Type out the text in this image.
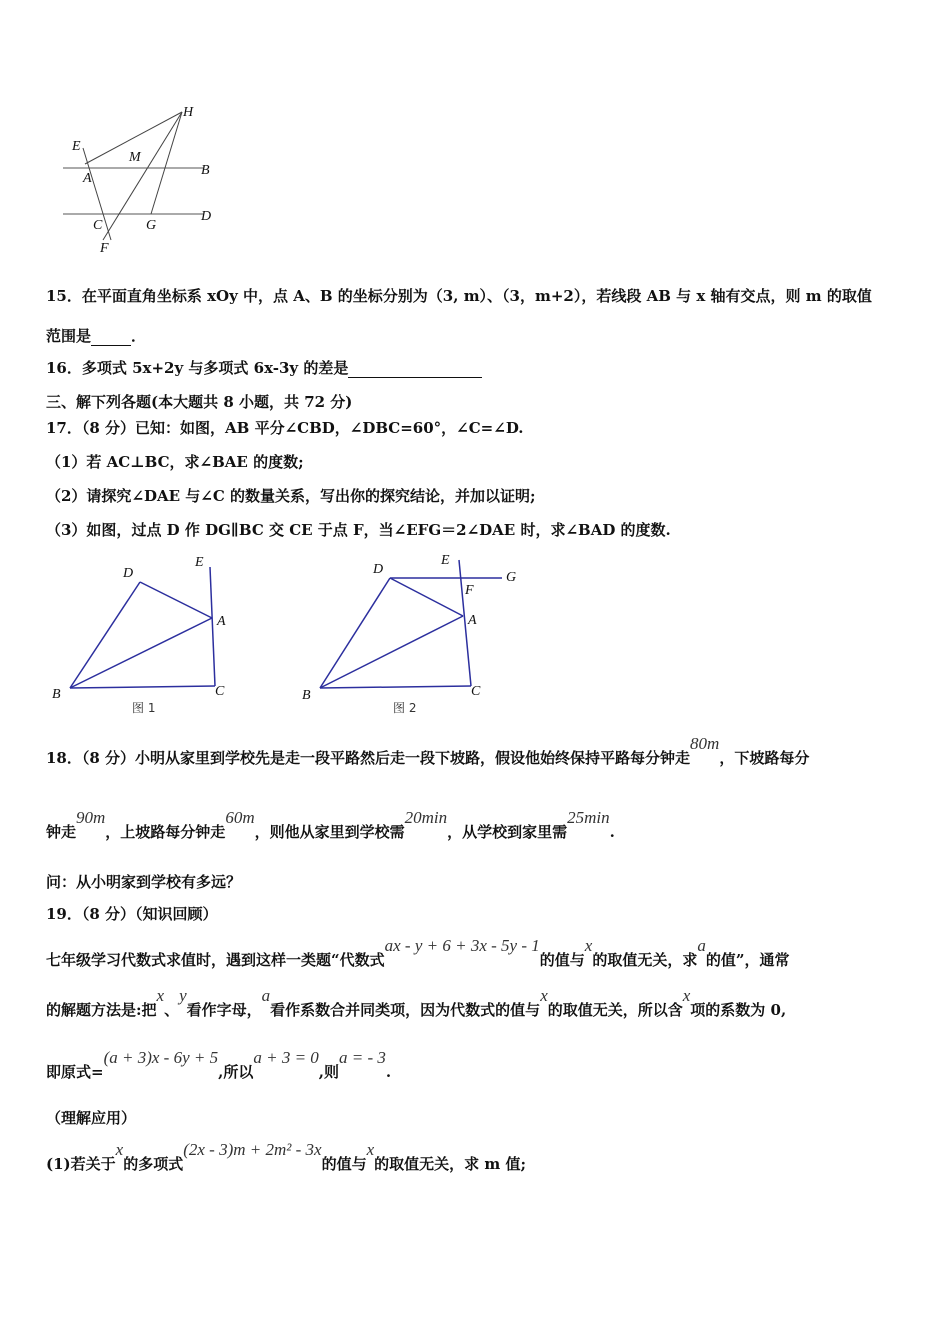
E
M
H
A
B
C	G
D
F
15．在平面直角坐标系 xOy 中，点 A、B 的坐标分别为（3, m）、（3，m+2），若线段 AB 与 x 轴有交点，则 m 的取值
范围是	．
16．多项式 5x+2y 与多项式 6x-3y 的差是
三、解下列各题(本大题共 8 小题，共 72 分)
17．（8 分）已知：如图，AB 平分∠CBD，∠DBC=60°，∠C=∠D.
（1）若 AC⊥BC，求∠BAE 的度数;
（2）请探究∠DAE 与∠C 的数量关系，写出你的探究结论，并加以证明;
（3）如图，过点 D 作 DG∥BC 交 CE 于点 F，当∠EFG＝2∠DAE 时，求∠BAD 的度数.
D
E
A
B	C
图 1
D
E
G
F
A
B	C
图 2
18．（8 分）小明从家里到学校先是走一段平路然后走一段下坡路，假设他始终保持平路每分钟走80m，下坡路每分
钟走90m，上坡路每分钟走60m，则他从家里到学校需20min，从学校到家里需25min.
问：从小明家到学校有多远？
19．（8 分）（知识回顾）
七年级学习代数式求值时，遇到这样一类题“代数式ax - y + 6 + 3x - 5y - 1的值与x的取值无关，求a的值”，通常
的解题方法是:把x、y看作字母，a看作系数合并同类项，因为代数式的值与x的取值无关，所以含x项的系数为 0,
即原式=(a + 3)x - 6y + 5,所以a + 3 = 0,则a = - 3.
（理解应用）
(1)若关于x的多项式(2x - 3)m + 2m² - 3x的值与x的取值无关，求 m 值;
